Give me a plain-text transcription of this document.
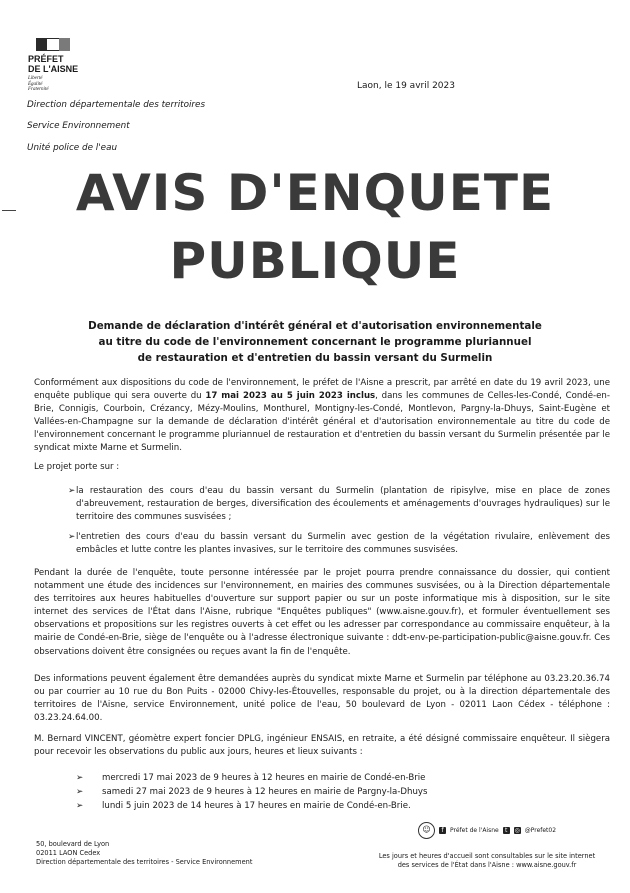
PRÉFET
DE L'AISNE
Liberté
Égalité
Fraternité	Laon, le 19 avril 2023
Direction départementale des territoires
Service Environnement
Unité police de l'eau
AVIS D'ENQUETE
PUBLIQUE
Demande de déclaration d'intérêt général et d'autorisation environnementale
au titre du code de l'environnement concernant le programme pluriannuel
de restauration et d'entretien du bassin versant du Surmelin
Conformément aux dispositions du code de l'environnement, le préfet de l'Aisne a prescrit, par arrêté en date du 19 avril 2023, une enquête publique qui sera ouverte du 17 mai 2023 au 5 juin 2023 inclus, dans les communes de Celles-les-Condé, Condé-en-Brie, Connigis, Courboin, Crézancy, Mézy-Moulins, Monthurel, Montigny-les-Condé, Montlevon, Pargny-la-Dhuys, Saint-Eugène et Vallées-en-Champagne sur la demande de déclaration d'intérêt général et d'autorisation environnementale au titre du code de l'environnement concernant le programme pluriannuel de restauration et d'entretien du bassin versant du Surmelin présentée par le syndicat mixte Marne et Surmelin.
Le projet porte sur :
➢ la restauration des cours d'eau du bassin versant du Surmelin (plantation de ripisylve, mise en place de zones d'abreuvement, restauration de berges, diversification des écoulements et aménagements d'ouvrages hydrauliques) sur le territoire des communes susvisées ;
➢ l'entretien des cours d'eau du bassin versant du Surmelin avec gestion de la végétation rivulaire, enlèvement des embâcles et lutte contre les plantes invasives, sur le territoire des communes susvisées.
Pendant la durée de l'enquête, toute personne intéressée par le projet pourra prendre connaissance du dossier, qui contient notamment une étude des incidences sur l'environnement, en mairies des communes susvisées, ou à la Direction départementale des territoires aux heures habituelles d'ouverture sur support papier ou sur un poste informatique mis à disposition, sur le site internet des services de l'État dans l'Aisne, rubrique "Enquêtes publiques" (www.aisne.gouv.fr), et formuler éventuellement ses observations et propositions sur les registres ouverts à cet effet ou les adresser par correspondance au commissaire enquêteur, à la mairie de Condé-en-Brie, siège de l'enquête ou à l'adresse électronique suivante : ddt-env-pe-participation-public@aisne.gouv.fr. Ces observations doivent être consignées ou reçues avant la fin de l'enquête.
Des informations peuvent également être demandées auprès du syndicat mixte Marne et Surmelin par téléphone au 03.23.20.36.74 ou par courrier au 10 rue du Bon Puits - 02000 Chivy-les-Étouvelles, responsable du projet, ou à la direction départementale des territoires de l'Aisne, service Environnement, unité police de l'eau, 50 boulevard de Lyon - 02011 Laon Cédex - téléphone : 03.23.24.64.00.
M. Bernard VINCENT, géomètre expert foncier DPLG, ingénieur ENSAIS, en retraite, a été désigné commissaire enquêteur. Il siègera pour recevoir les observations du public aux jours, heures et lieux suivants :
➢ mercredi 17 mai 2023 de 9 heures à 12 heures en mairie de Condé-en-Brie
➢ samedi 27 mai 2023 de 9 heures à 12 heures en mairie de Pargny-la-Dhuys
➢ lundi 5 juin 2023 de 14 heures à 17 heures en mairie de Condé-en-Brie.
50, boulevard de Lyon
02011 LAON Cedex
Direction départementale des territoires - Service Environnement
☺	f	Préfet de l'Aisne	t	◎ @Prefet02
Les jours et heures d'accueil sont consultables sur le site internet
des services de l'État dans l'Aisne : www.aisne.gouv.fr
